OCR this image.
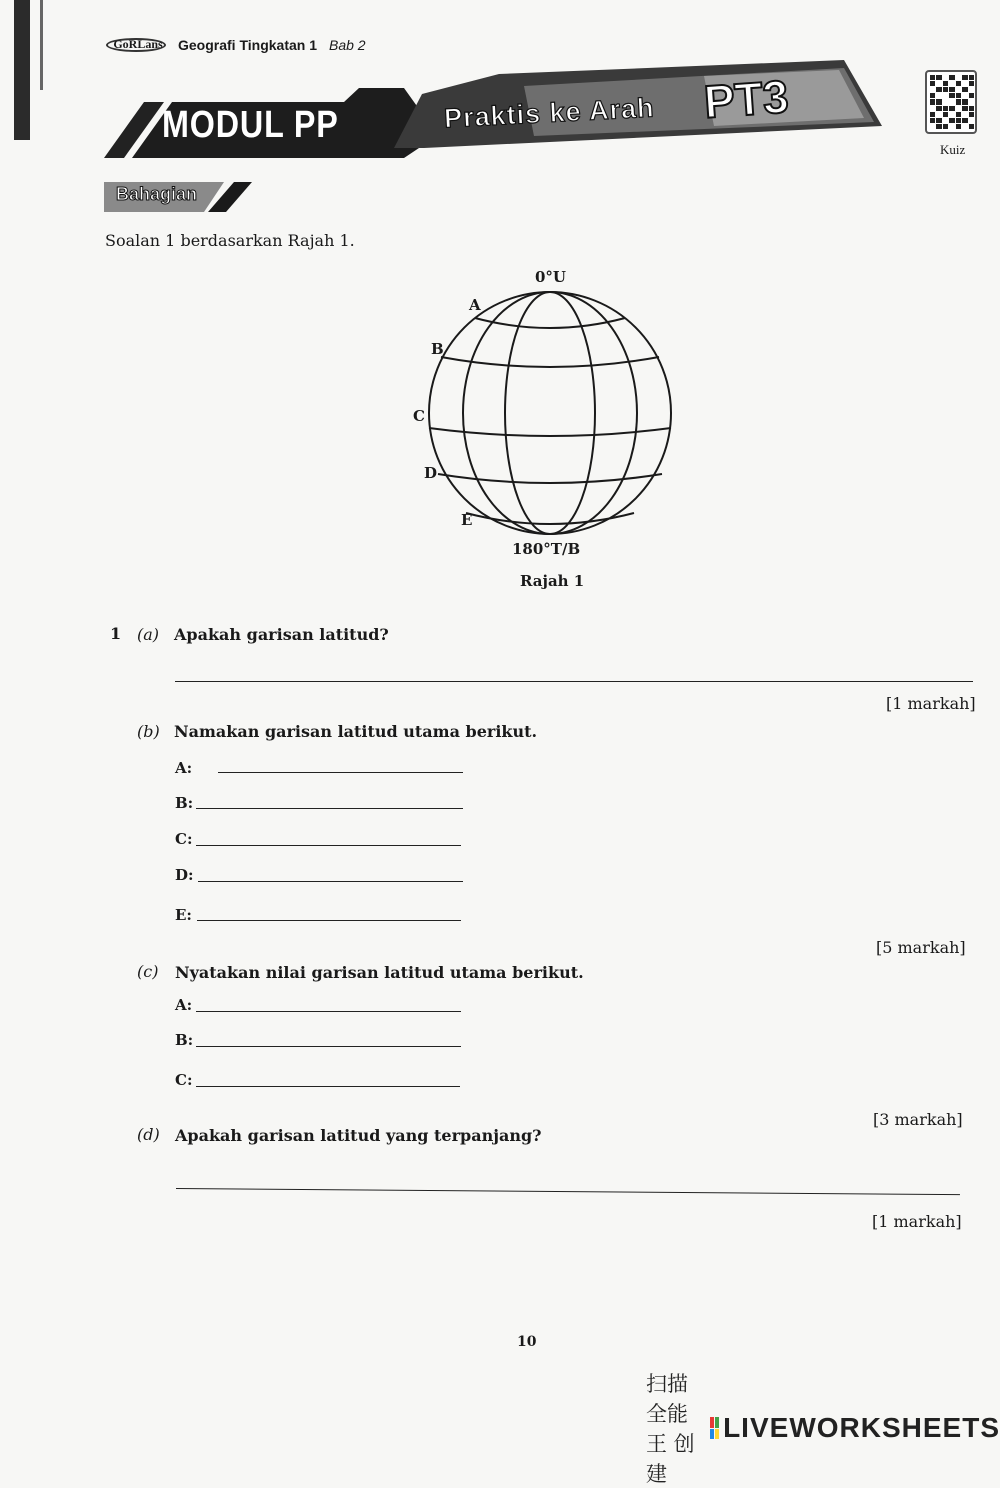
GoRLans	Geografi Tingkatan 1 Bab 2
MODUL PP	Praktis ke Arah PT3
Kuiz
Bahagian
Soalan 1 berdasarkan Rajah 1.
0°U
A
B
C
D
E
180°T/B
Rajah 1
1 (a) Apakah garisan latitud?
[1 markah]
(b) Namakan garisan latitud utama berikut.
A:
B:
C:
D:
E:
[5 markah]
(c) Nyatakan nilai garisan latitud utama berikut.
A:
B:
C:
[3 markah]
(d) Apakah garisan latitud yang terpanjang?
[1 markah]
10
扫描全能王 创建
LIVEWORKSHEETS
